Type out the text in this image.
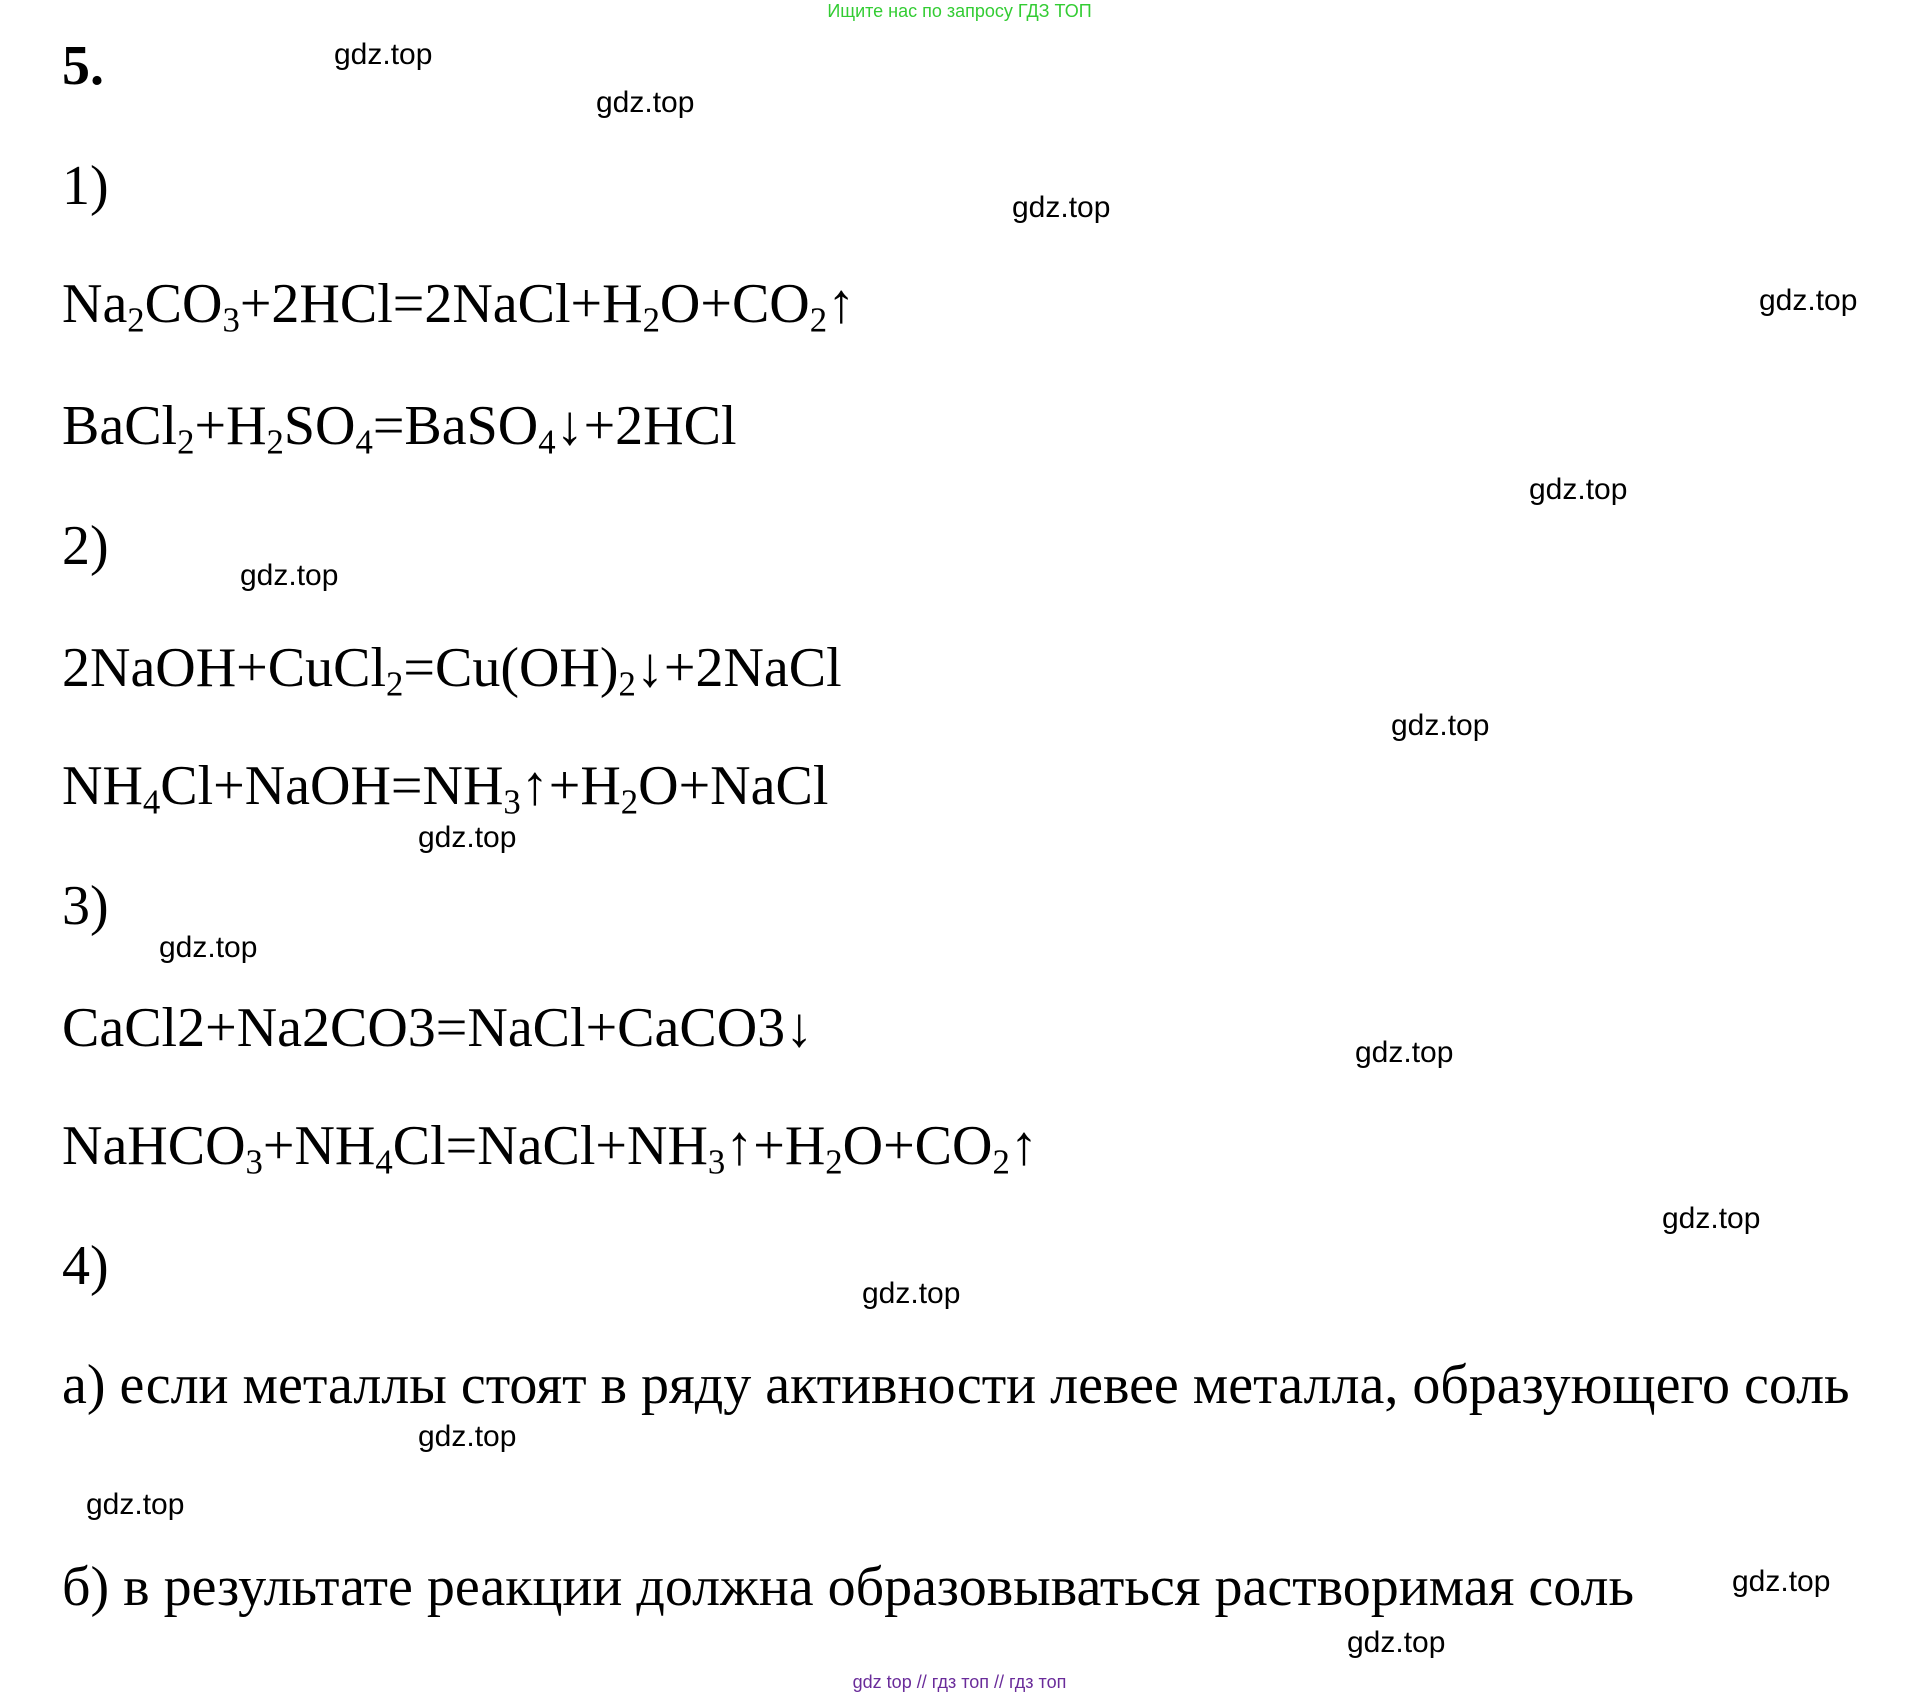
Ищите нас по запросу ГДЗ ТОП
5.
1)
$Na_2CO_3+2HCl=2NaCl+H_2O+CO_2↑$
$BaCl_2+H_2SO_4=BaSO_4↓+2HCl$
2)
$2NaOH+CuCl_2=Cu(OH)_2↓+2NaCl$
$NH_4Cl+NaOH=NH_3↑+H_2O+NaCl$
3)
CaCl2+Na2CO3=NaCl+CaCO3↓
$NaHCO_3+NH_4Cl=NaCl+NH_3↑+H_2O+CO_2↑$
4)
а) если металлы стоят в ряду активности левее металла, образующего соль
б) в результате реакции должна образовываться растворимая соль
gdz.top
gdz.top
gdz.top
gdz.top
gdz.top
gdz.top
gdz.top
gdz.top
gdz.top
gdz.top
gdz.top
gdz.top
gdz.top
gdz.top
gdz.top
gdz.top
gdz top // гдз топ // гдз топ
